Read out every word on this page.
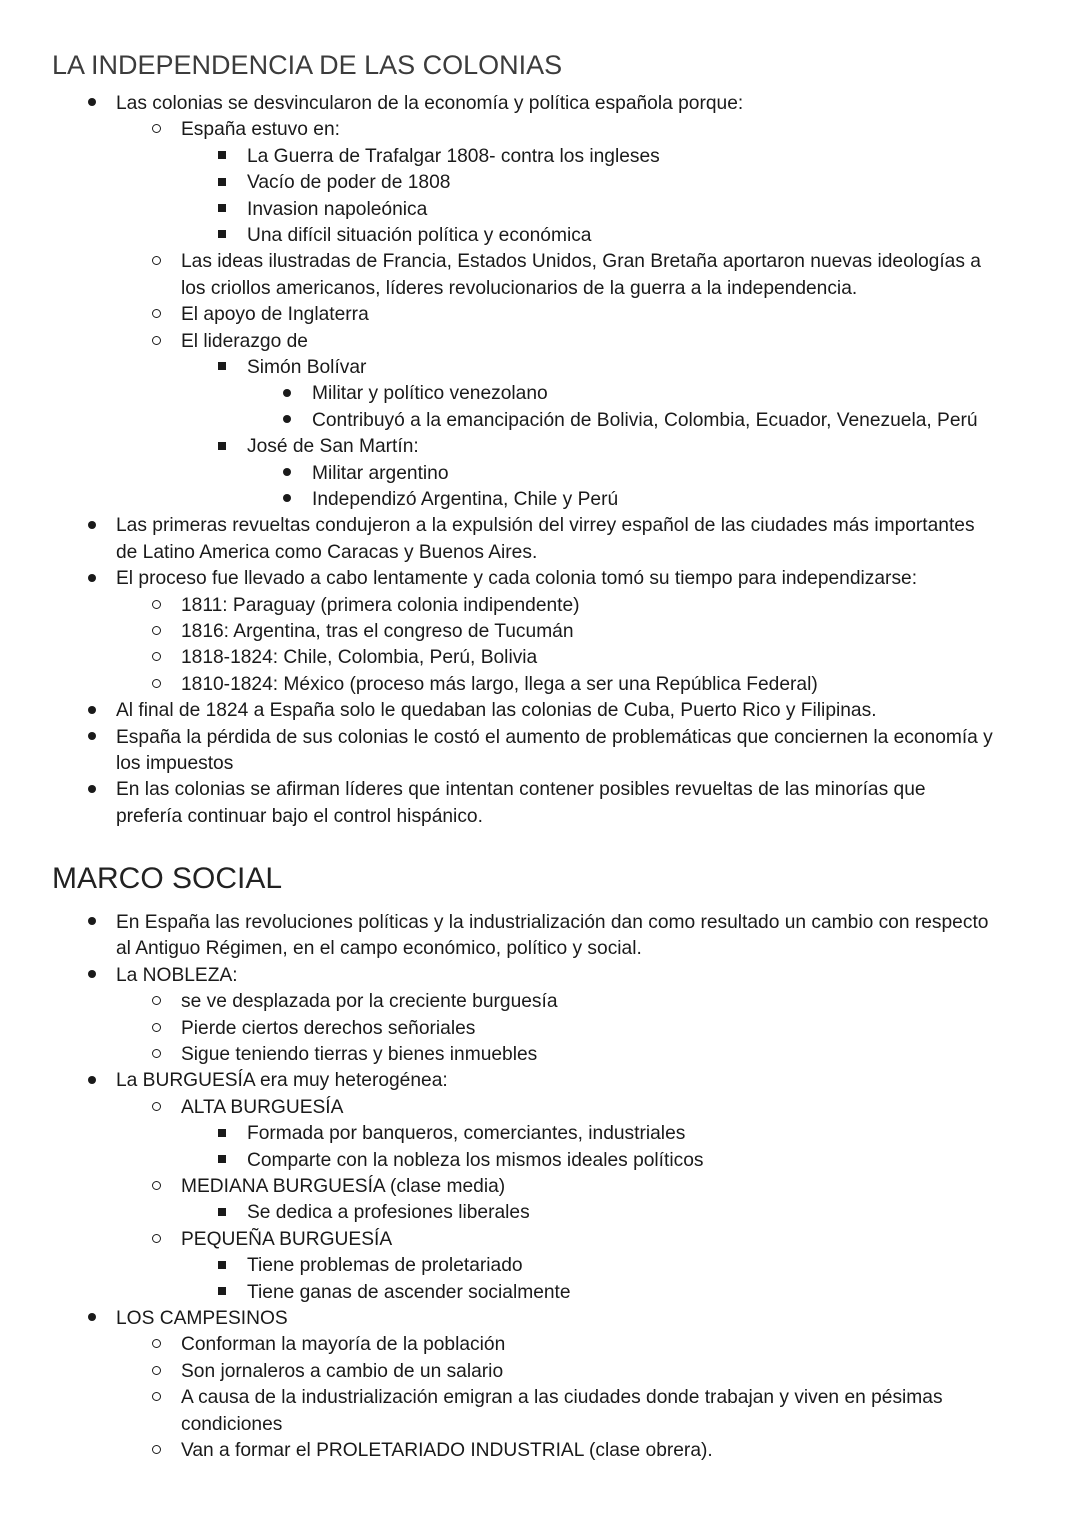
LA INDEPENDENCIA DE LAS COLONIAS
Las colonias se desvincularon de la economía y política española porque:
España estuvo en:
La Guerra de Trafalgar 1808- contra los ingleses
Vacío de poder de 1808
Invasion napoleónica
Una difícil situación política y económica
Las ideas ilustradas de Francia, Estados Unidos, Gran Bretaña aportaron nuevas ideologías a
los criollos americanos, líderes revolucionarios de la guerra a la independencia.
El apoyo de Inglaterra
El liderazgo de
Simón Bolívar
Militar y político venezolano
Contribuyó a la emancipación de Bolivia, Colombia, Ecuador, Venezuela, Perú
José de San Martín:
Militar argentino
Independizó Argentina, Chile y Perú
Las primeras revueltas condujeron a la expulsión del virrey español de las ciudades más importantes
de Latino America como Caracas y Buenos Aires.
El proceso fue llevado a cabo lentamente y cada colonia tomó su tiempo para independizarse:
1811: Paraguay (primera colonia indipendente)
1816: Argentina, tras el congreso de Tucumán
1818-1824: Chile, Colombia, Perú, Bolivia
1810-1824: México (proceso más largo, llega a ser una República Federal)
Al final de 1824 a España solo le quedaban las colonias de Cuba, Puerto Rico y Filipinas.
España la pérdida de sus colonias le costó el aumento de problemáticas que conciernen la economía y
los impuestos
En las colonias se afirman líderes que intentan contener posibles revueltas de las minorías que
prefería continuar bajo el control hispánico.
MARCO SOCIAL
En España las revoluciones políticas y la industrialización dan como resultado un cambio con respecto
al Antiguo Régimen, en el campo económico, político y social.
La NOBLEZA:
se ve desplazada por la creciente burguesía
Pierde ciertos derechos señoriales
Sigue teniendo tierras y bienes inmuebles
La BURGUESÍA era muy heterogénea:
ALTA BURGUESÍA
Formada por banqueros, comerciantes, industriales
Comparte con la nobleza los mismos ideales políticos
MEDIANA BURGUESÍA (clase media)
Se dedica a profesiones liberales
PEQUEÑA BURGUESÍA
Tiene problemas de proletariado
Tiene ganas de ascender socialmente
LOS CAMPESINOS
Conforman la mayoría de la población
Son jornaleros a cambio de un salario
A causa de la industrialización emigran a las ciudades donde trabajan y viven en pésimas
condiciones
Van a formar el PROLETARIADO INDUSTRIAL (clase obrera).
